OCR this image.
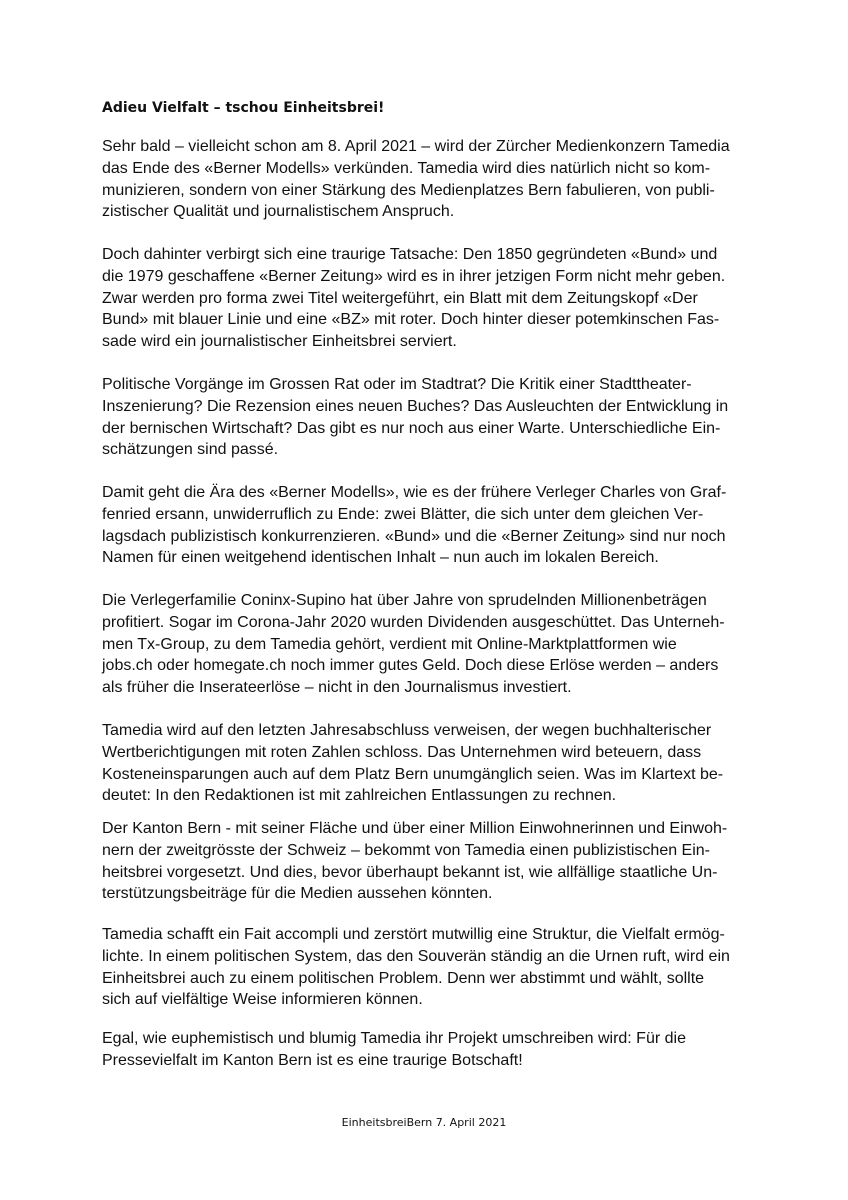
Adieu Vielfalt – tschou Einheitsbrei!
Sehr bald – vielleicht schon am 8. April 2021 – wird der Zürcher Medienkonzern Tamedia
das Ende des «Berner Modells» verkünden. Tamedia wird dies natürlich nicht so kom-
munizieren, sondern von einer Stärkung des Medienplatzes Bern fabulieren, von publi-
zistischer Qualität und journalistischem Anspruch.
Doch dahinter verbirgt sich eine traurige Tatsache: Den 1850 gegründeten «Bund» und
die 1979 geschaffene «Berner Zeitung» wird es in ihrer jetzigen Form nicht mehr geben.
Zwar werden pro forma zwei Titel weitergeführt, ein Blatt mit dem Zeitungskopf «Der
Bund» mit blauer Linie und eine «BZ» mit roter. Doch hinter dieser potemkinschen Fas-
sade wird ein journalistischer Einheitsbrei serviert.
Politische Vorgänge im Grossen Rat oder im Stadtrat? Die Kritik einer Stadttheater-
Inszenierung? Die Rezension eines neuen Buches? Das Ausleuchten der Entwicklung in
der bernischen Wirtschaft? Das gibt es nur noch aus einer Warte. Unterschiedliche Ein-
schätzungen sind passé.
Damit geht die Ära des «Berner Modells», wie es der frühere Verleger Charles von Graf-
fenried ersann, unwiderruflich zu Ende: zwei Blätter, die sich unter dem gleichen Ver-
lagsdach publizistisch konkurrenzieren. «Bund» und die «Berner Zeitung» sind nur noch
Namen für einen weitgehend identischen Inhalt – nun auch im lokalen Bereich.
Die Verlegerfamilie Coninx-Supino hat über Jahre von sprudelnden Millionenbeträgen
profitiert. Sogar im Corona-Jahr 2020 wurden Dividenden ausgeschüttet. Das Unterneh-
men Tx-Group, zu dem Tamedia gehört, verdient mit Online-Marktplattformen wie
jobs.ch oder homegate.ch noch immer gutes Geld. Doch diese Erlöse werden – anders
als früher die Inserateerlöse – nicht in den Journalismus investiert.
Tamedia wird auf den letzten Jahresabschluss verweisen, der wegen buchhalterischer
Wertberichtigungen mit roten Zahlen schloss. Das Unternehmen wird beteuern, dass
Kosteneinsparungen auch auf dem Platz Bern unumgänglich seien. Was im Klartext be-
deutet: In den Redaktionen ist mit zahlreichen Entlassungen zu rechnen.
Der Kanton Bern - mit seiner Fläche und über einer Million Einwohnerinnen und Einwoh-
nern der zweitgrösste der Schweiz – bekommt von Tamedia einen publizistischen Ein-
heitsbrei vorgesetzt. Und dies, bevor überhaupt bekannt ist, wie allfällige staatliche Un-
terstützungsbeiträge für die Medien aussehen könnten.
Tamedia schafft ein Fait accompli und zerstört mutwillig eine Struktur, die Vielfalt ermög-
lichte. In einem politischen System, das den Souverän ständig an die Urnen ruft, wird ein
Einheitsbrei auch zu einem politischen Problem. Denn wer abstimmt und wählt, sollte
sich auf vielfältige Weise informieren können.
Egal, wie euphemistisch und blumig Tamedia ihr Projekt umschreiben wird: Für die
Pressevielfalt im Kanton Bern ist es eine traurige Botschaft!
EinheitsbreiBern 7. April 2021
